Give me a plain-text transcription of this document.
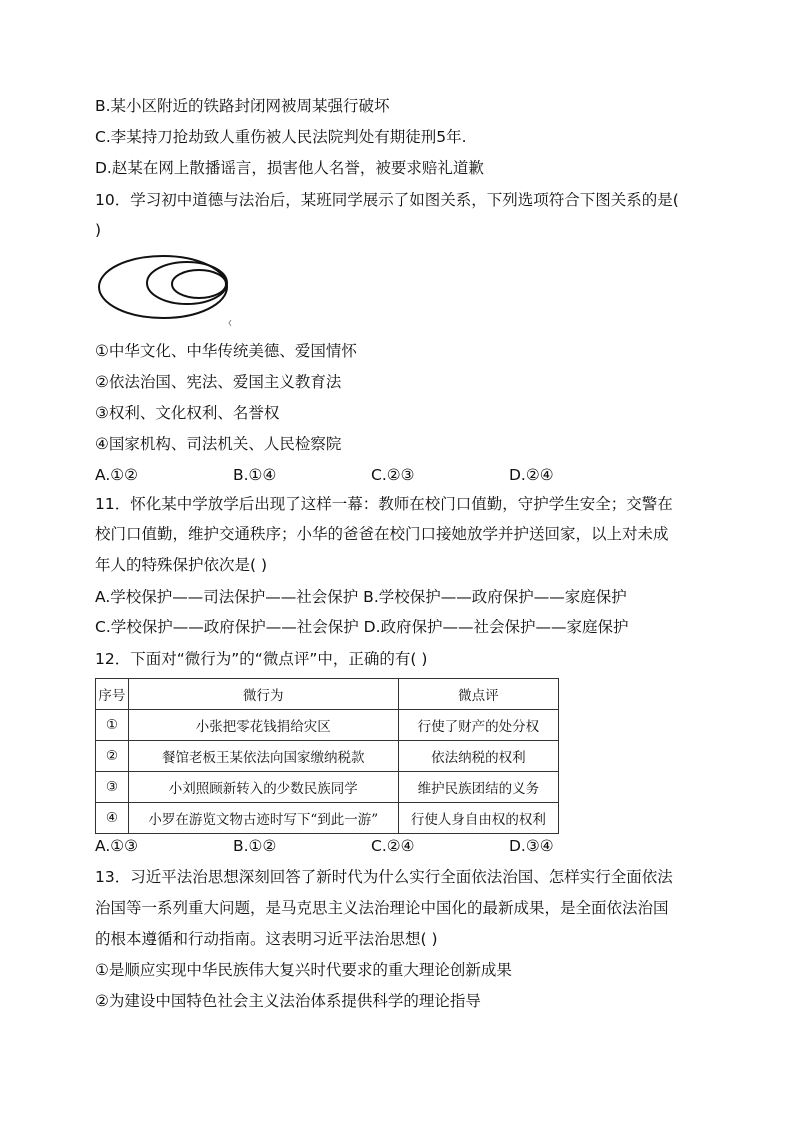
B.某小区附近的铁路封闭网被周某强行破坏
C.李某持刀抢劫致人重伤被人民法院判处有期徒刑5年.
D.赵某在网上散播谣言，损害他人名誉，被要求赔礼道歉
10．学习初中道德与法治后，某班同学展示了如图关系，下列选项符合下图关系的是(
)
①中华文化、中华传统美德、爱国情怀
②依法治国、宪法、爱国主义教育法
③权利、文化权利、名誉权
④国家机构、司法机关、人民检察院
A.①②	B.①④	C.②③	D.②④
11．怀化某中学放学后出现了这样一幕：教师在校门口值勤，守护学生安全；交警在
校门口值勤，维护交通秩序；小华的爸爸在校门口接她放学并护送回家，以上对未成
年人的特殊保护依次是( )
A.学校保护——司法保护——社会保护 B.学校保护——政府保护——家庭保护
C.学校保护——政府保护——社会保护 D.政府保护——社会保护——家庭保护
12．下面对“微行为”的“微点评”中，正确的有( )
序号	微行为	微点评
①	小张把零花钱捐给灾区	行使了财产的处分权
②	餐馆老板王某依法向国家缴纳税款	依法纳税的权利
③	小刘照顾新转入的少数民族同学	维护民族团结的义务
④	小罗在游览文物古迹时写下“到此一游”	行使人身自由权的权利
A.①③	B.①②	C.②④	D.③④
13．习近平法治思想深刻回答了新时代为什么实行全面依法治国、怎样实行全面依法
治国等一系列重大问题，是马克思主义法治理论中国化的最新成果，是全面依法治国
的根本遵循和行动指南。这表明习近平法治思想( )
①是顺应实现中华民族伟大复兴时代要求的重大理论创新成果
②为建设中国特色社会主义法治体系提供科学的理论指导
